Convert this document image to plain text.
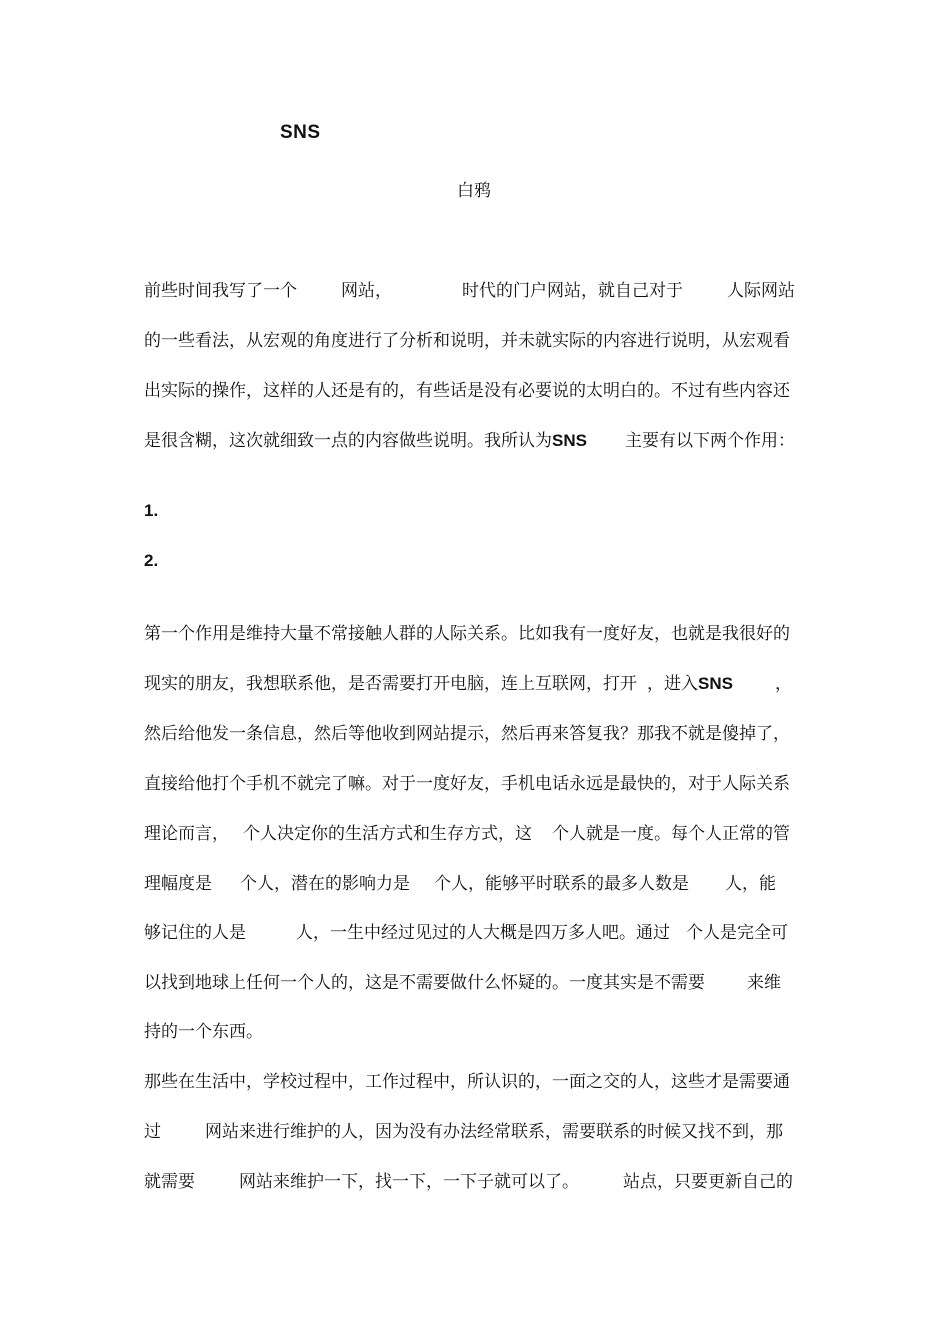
SNS
白鸦
前些时间我写了一个	网站，	时代的门户网站，就自己对于	人际网站
的一些看法，从宏观的角度进行了分析和说明，并未就实际的内容进行说明，从宏观看
出实际的操作，这样的人还是有的，有些话是没有必要说的太明白的。不过有些内容还
是很含糊，这次就细致一点的内容做些说明。我所认为SNS 主要有以下两个作用：
1.
2.
第一个作用是维持大量不常接触人群的人际关系。比如我有一度好友，也就是我很好的
现实的朋友，我想联系他，是否需要打开电脑，连上互联网，打开 ，进入SNS ，
然后给他发一条信息，然后等他收到网站提示，然后再来答复我？那我不就是傻掉了，
直接给他打个手机不就完了嘛。对于一度好友，手机电话永远是最快的，对于人际关系
理论而言， 个人决定你的生活方式和生存方式，这 个人就是一度。每个人正常的管
理幅度是 个人，潜在的影响力是 个人，能够平时联系的最多人数是 人，能
够记住的人是	人，一生中经过见过的人大概是四万多人吧。通过 个人是完全可
以找到地球上任何一个人的，这是不需要做什么怀疑的。一度其实是不需要 来维
持的一个东西。
那些在生活中，学校过程中，工作过程中，所认识的，一面之交的人，这些才是需要通
过	网站来进行维护的人，因为没有办法经常联系，需要联系的时候又找不到，那
就需要	网站来维护一下，找一下，一下子就可以了。	站点，只要更新自己的
